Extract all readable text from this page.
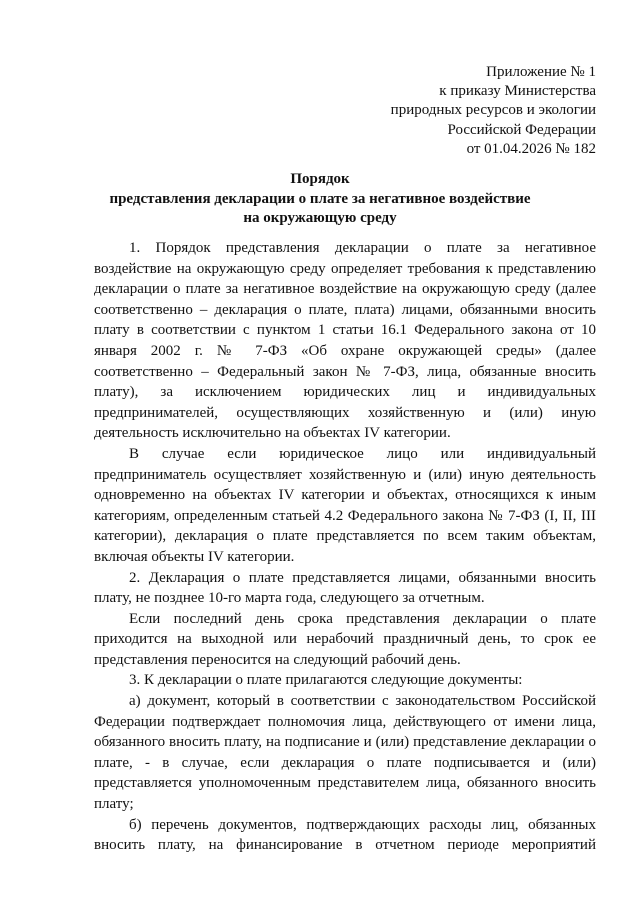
Приложение № 1
к приказу Министерства
природных ресурсов и экологии
Российской Федерации
от 01.04.2026 № 182
Порядок
представления декларации о плате за негативное воздействие
на окружающую среду

1. Порядок представления декларации о плате за негативное воздействие на окружающую среду определяет требования к представлению декларации о плате за негативное воздействие на окружающую среду (далее соответственно – декларация о плате, плата) лицами, обязанными вносить плату в соответствии с пунктом 1 статьи 16.1 Федерального закона от 10 января 2002 г. № 7-ФЗ «Об охране окружающей среды» (далее соответственно – Федеральный закон № 7-ФЗ, лица, обязанные вносить плату), за исключением юридических лиц и индивидуальных предпринимателей, осуществляющих хозяйственную и (или) иную деятельность исключительно на объектах IV категории.

В случае если юридическое лицо или индивидуальный предприниматель осуществляет хозяйственную и (или) иную деятельность одновременно на объектах IV категории и объектах, относящихся к иным категориям, определенным статьей 4.2 Федерального закона № 7-ФЗ (I, II, III категории), декларация о плате представляется по всем таким объектам, включая объекты IV категории.

2. Декларация о плате представляется лицами, обязанными вносить плату, не позднее 10-го марта года, следующего за отчетным.

Если последний день срока представления декларации о плате приходится на выходной или нерабочий праздничный день, то срок ее представления переносится на следующий рабочий день.

3. К декларации о плате прилагаются следующие документы:

а) документ, который в соответствии с законодательством Российской Федерации подтверждает полномочия лица, действующего от имени лица, обязанного вносить плату, на подписание и (или) представление декларации о плате, - в случае, если декларация о плате подписывается и (или) представляется уполномоченным представителем лица, обязанного вносить плату;

б) перечень документов, подтверждающих расходы лиц, обязанных вносить плату, на финансирование в отчетном периоде мероприятий
